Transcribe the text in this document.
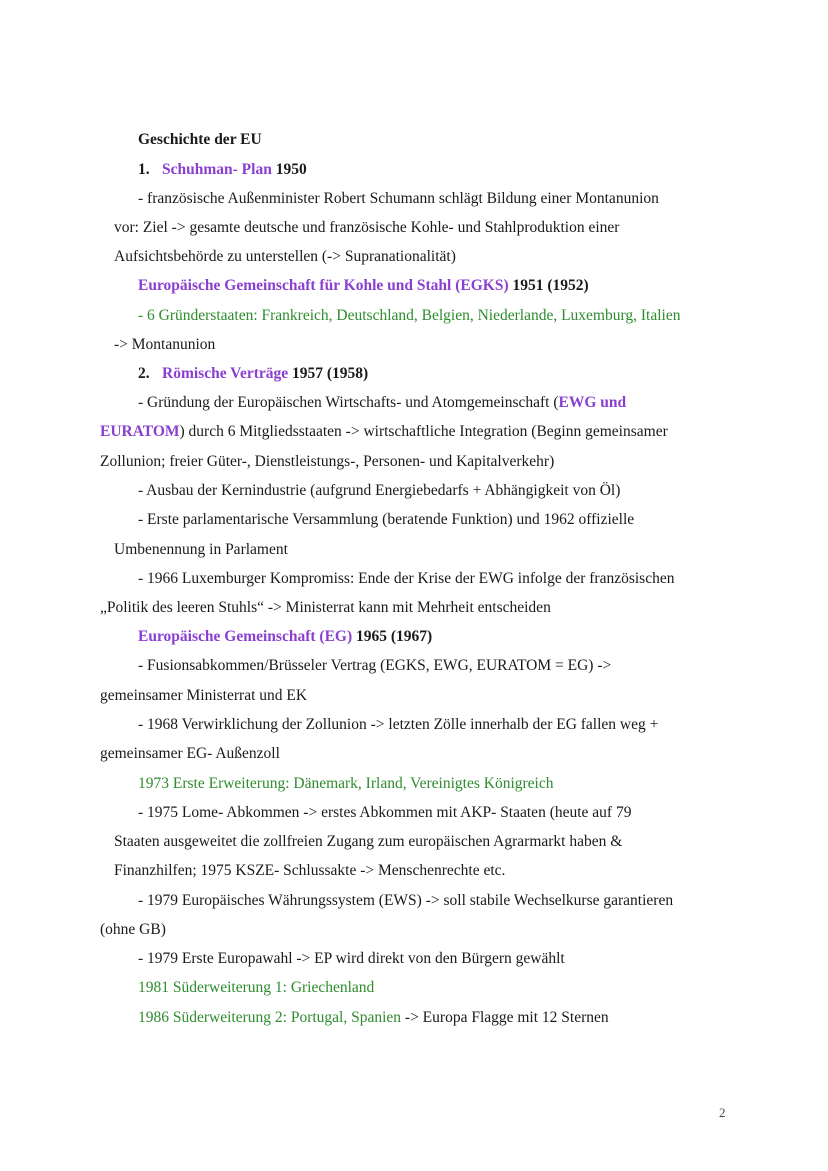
Geschichte der EU
1. Schuhman- Plan 1950
- französische Außenminister Robert Schumann schlägt Bildung einer Montanunion
vor: Ziel -> gesamte deutsche und französische Kohle- und Stahlproduktion einer
Aufsichtsbehörde zu unterstellen (-> Supranationalität)
Europäische Gemeinschaft für Kohle und Stahl (EGKS) 1951 (1952)
- 6 Gründerstaaten: Frankreich, Deutschland, Belgien, Niederlande, Luxemburg, Italien
-> Montanunion
2. Römische Verträge 1957 (1958)
- Gründung der Europäischen Wirtschafts- und Atomgemeinschaft (EWG und
EURATOM) durch 6 Mitgliedsstaaten -> wirtschaftliche Integration (Beginn gemeinsamer
Zollunion; freier Güter-, Dienstleistungs-, Personen- und Kapitalverkehr)
- Ausbau der Kernindustrie (aufgrund Energiebedarfs + Abhängigkeit von Öl)
- Erste parlamentarische Versammlung (beratende Funktion) und 1962 offizielle
Umbenennung in Parlament
- 1966 Luxemburger Kompromiss: Ende der Krise der EWG infolge der französischen
„Politik des leeren Stuhls“ -> Ministerrat kann mit Mehrheit entscheiden
Europäische Gemeinschaft (EG) 1965 (1967)
- Fusionsabkommen/Brüsseler Vertrag (EGKS, EWG, EURATOM = EG) ->
gemeinsamer Ministerrat und EK
- 1968 Verwirklichung der Zollunion -> letzten Zölle innerhalb der EG fallen weg +
gemeinsamer EG- Außenzoll
1973 Erste Erweiterung: Dänemark, Irland, Vereinigtes Königreich
- 1975 Lome- Abkommen -> erstes Abkommen mit AKP- Staaten (heute auf 79
Staaten ausgeweitet die zollfreien Zugang zum europäischen Agrarmarkt haben &
Finanzhilfen; 1975 KSZE- Schlussakte -> Menschenrechte etc.
- 1979 Europäisches Währungssystem (EWS) -> soll stabile Wechselkurse garantieren
(ohne GB)
- 1979 Erste Europawahl -> EP wird direkt von den Bürgern gewählt
1981 Süderweiterung 1: Griechenland
1986 Süderweiterung 2: Portugal, Spanien -> Europa Flagge mit 12 Sternen
2
